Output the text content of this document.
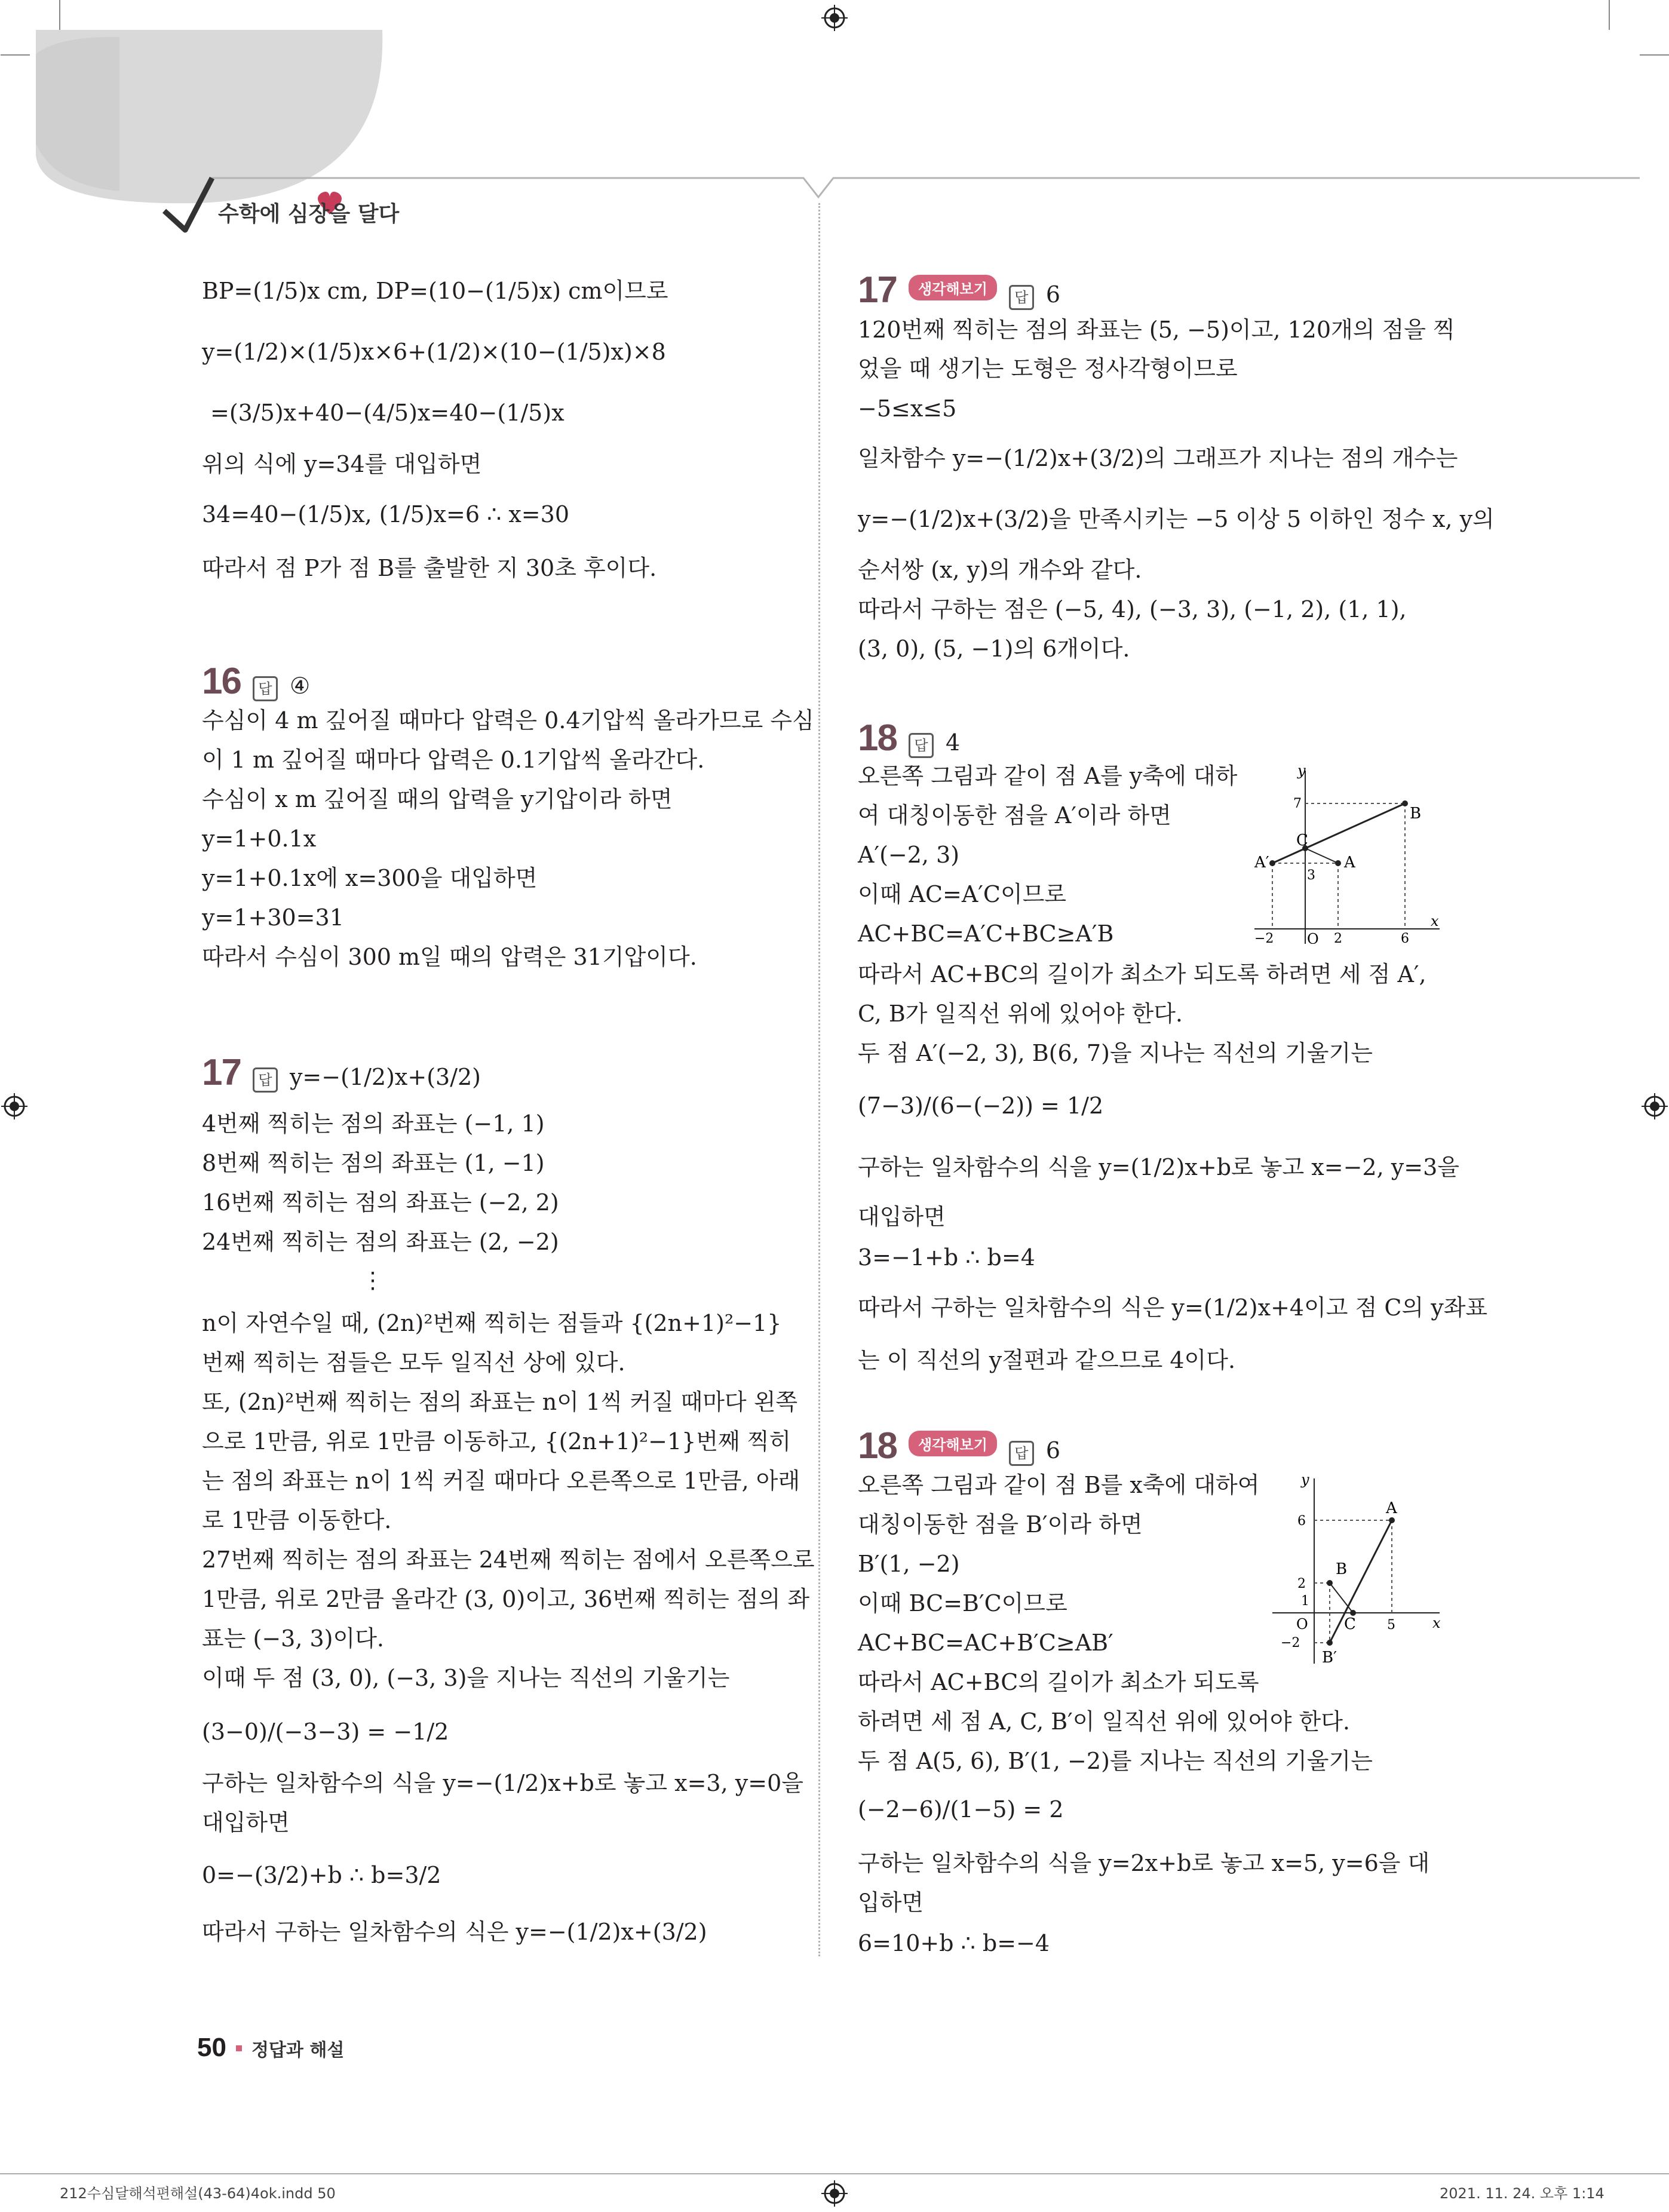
수학에 심장을 달다
BP=(1/5)x cm, DP=(10−(1/5)x) cm이므로
y=(1/2)×(1/5)x×6+(1/2)×(10−(1/5)x)×8
=(3/5)x+40−(4/5)x=40−(1/5)x
위의 식에 y=34를 대입하면
34=40−(1/5)x, (1/5)x=6 ∴ x=30
따라서 점 P가 점 B를 출발한 지 30초 후이다.
16	답 ④
수심이 4 m 깊어질 때마다 압력은 0.4기압씩 올라가므로 수심
이 1 m 깊어질 때마다 압력은 0.1기압씩 올라간다.
수심이 x m 깊어질 때의 압력을 y기압이라 하면
y=1+0.1x
y=1+0.1x에 x=300을 대입하면
y=1+30=31
따라서 수심이 300 m일 때의 압력은 31기압이다.
17	답 y=−(1/2)x+(3/2)
4번째 찍히는 점의 좌표는 (−1, 1)
8번째 찍히는 점의 좌표는 (1, −1)
16번째 찍히는 점의 좌표는 (−2, 2)
24번째 찍히는 점의 좌표는 (2, −2)
⋮
n이 자연수일 때, (2n)²번째 찍히는 점들과 {(2n+1)²−1}
번째 찍히는 점들은 모두 일직선 상에 있다.
또, (2n)²번째 찍히는 점의 좌표는 n이 1씩 커질 때마다 왼쪽
으로 1만큼, 위로 1만큼 이동하고, {(2n+1)²−1}번째 찍히
는 점의 좌표는 n이 1씩 커질 때마다 오른쪽으로 1만큼, 아래
로 1만큼 이동한다.
27번째 찍히는 점의 좌표는 24번째 찍히는 점에서 오른쪽으로
1만큼, 위로 2만큼 올라간 (3, 0)이고, 36번째 찍히는 점의 좌
표는 (−3, 3)이다.
이때 두 점 (3, 0), (−3, 3)을 지나는 직선의 기울기는
(3−0)/(−3−3) = −1/2
구하는 일차함수의 식을 y=−(1/2)x+b로 놓고 x=3, y=0을
대입하면
0=−(3/2)+b ∴ b=3/2
따라서 구하는 일차함수의 식은 y=−(1/2)x+(3/2)
17	생각해보기	답 6
120번째 찍히는 점의 좌표는 (5, −5)이고, 120개의 점을 찍
었을 때 생기는 도형은 정사각형이므로
−5≤x≤5
일차함수 y=−(1/2)x+(3/2)의 그래프가 지나는 점의 개수는
y=−(1/2)x+(3/2)을 만족시키는 −5 이상 5 이하인 정수 x, y의
순서쌍 (x, y)의 개수와 같다.
따라서 구하는 점은 (−5, 4), (−3, 3), (−1, 2), (1, 1),
(3, 0), (5, −1)의 6개이다.
18	답 4
오른쪽 그림과 같이 점 A를 y축에 대하
여 대칭이동한 점을 A′이라 하면
A′(−2, 3)
이때 AC=A′C이므로
AC+BC=A′C+BC≥A′B
따라서 AC+BC의 길이가 최소가 되도록 하려면 세 점 A′,
C, B가 일직선 위에 있어야 한다.
두 점 A′(−2, 3), B(6, 7)을 지나는 직선의 기울기는
(7−3)/(6−(−2)) = 1/2
구하는 일차함수의 식을 y=(1/2)x+b로 놓고 x=−2, y=3을
대입하면
3=−1+b ∴ b=4
따라서 구하는 일차함수의 식은 y=(1/2)x+4이고 점 C의 y좌표
는 이 직선의 y절편과 같으므로 4이다.
y
x
O
A′	A
B
C
−2	2	6
3
7
18	생각해보기	답 6
오른쪽 그림과 같이 점 B를 x축에 대하여
대칭이동한 점을 B′이라 하면
B′(1, −2)
이때 BC=B′C이므로
AC+BC=AC+B′C≥AB′
따라서 AC+BC의 길이가 최소가 되도록
하려면 세 점 A, C, B′이 일직선 위에 있어야 한다.
두 점 A(5, 6), B′(1, −2)를 지나는 직선의 기울기는
(−2−6)/(1−5) = 2
구하는 일차함수의 식을 y=2x+b로 놓고 x=5, y=6을 대
입하면
6=10+b ∴ b=−4
y
x
O
A
B
B′
C
6
2
1
−2
5
50 정답과 해설
212수심달해석편해설(43-64)4ok.indd 50	2021. 11. 24. 오후 1:14
